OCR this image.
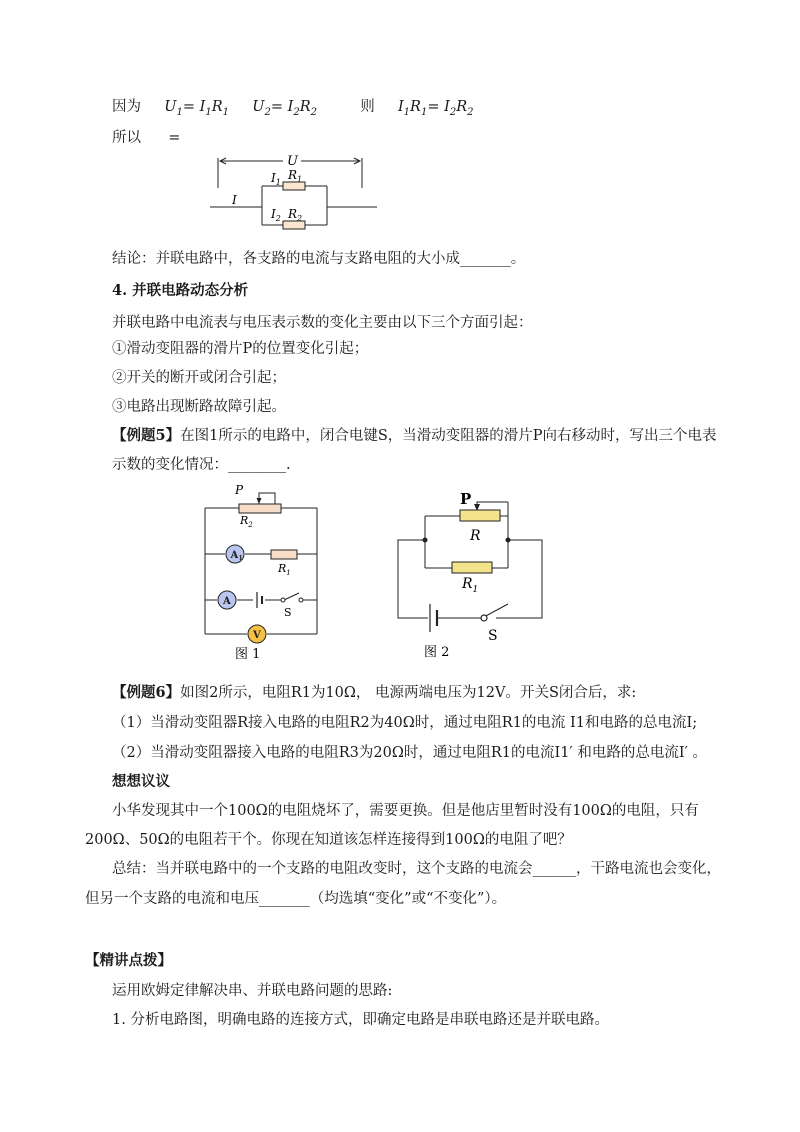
因为 $U_1= I_1R_1$ $U_2= I_2R_2$	则 $I_1R_1= I_2R_2$
所以 =
U
I
$I_1$
$R_1$
$I_2$ $R_2$
结论：并联电路中，各支路的电流与支路电阻的大小成_______。
4. 并联电路动态分析
并联电路中电流表与电压表示数的变化主要由以下三个方面引起：
①滑动变阻器的滑片P的位置变化引起；
②开关的断开或闭合引起；
③电路出现断路故障引起。
【例题5】在图1所示的电路中，闭合电键S，当滑动变阻器的滑片P向右移动时，写出三个电表
示数的变化情况：________.
A 1
A
V
P
$R_2$
$R_1$
S
图 1
P
R
$R_1$
S
图 2
【例题6】如图2所示，电阻R1为10Ω， 电源两端电压为12V。开关S闭合后，求:
（1）当滑动变阻器R接入电路的电阻R2为40Ω时，通过电阻R1的电流 I1和电路的总电流I;
（2）当滑动变阻器接入电路的电阻R3为20Ω时，通过电阻R1的电流I1′ 和电路的总电流I′ 。
想想议议
小华发现其中一个100Ω的电阻烧坏了，需要更换。但是他店里暂时没有100Ω的电阻，只有
200Ω、50Ω的电阻若干个。你现在知道该怎样连接得到100Ω的电阻了吧？
总结：当并联电路中的一个支路的电阻改变时，这个支路的电流会______，干路电流也会变化，
但另一个支路的电流和电压_______（均选填“变化”或“不变化”）。
【精讲点拨】
运用欧姆定律解决串、并联电路问题的思路:
1. 分析电路图，明确电路的连接方式，即确定电路是串联电路还是并联电路。
